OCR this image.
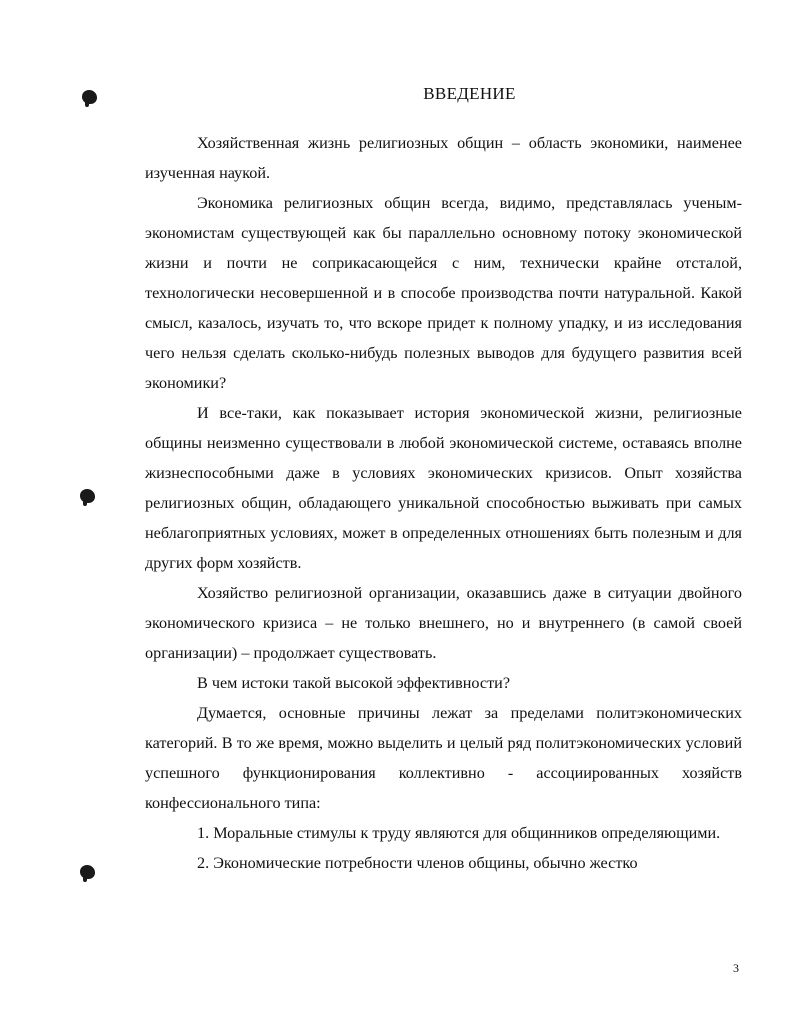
ВВЕДЕНИЕ

Хозяйственная жизнь религиозных общин – область экономики, наименее изученная наукой.

Экономика религиозных общин всегда, видимо, представлялась ученым-экономистам существующей как бы параллельно основному потоку экономической жизни и почти не соприкасающейся с ним, технически крайне отсталой, технологически несовершенной и в способе производства почти натуральной. Какой смысл, казалось, изучать то, что вскоре придет к полному упадку, и из исследования чего нельзя сделать сколько-нибудь полезных выводов для будущего развития всей экономики?

И все-таки, как показывает история экономической жизни, религиозные общины неизменно существовали в любой экономической системе, оставаясь вполне жизнеспособными даже в условиях экономических кризисов. Опыт хозяйства религиозных общин, обладающего уникальной способностью выживать при самых неблагоприятных условиях, может в определенных отношениях быть полезным и для других форм хозяйств.

Хозяйство религиозной организации, оказавшись даже в ситуации двойного экономического кризиса – не только внешнего, но и внутреннего (в самой своей организации) – продолжает существовать.

В чем истоки такой высокой эффективности?

Думается, основные причины лежат за пределами политэкономических категорий. В то же время, можно выделить и целый ряд политэкономических условий успешного функционирования коллективно - ассоциированных хозяйств конфессионального типа:

1. Моральные стимулы к труду являются для общинников определяющими.

2. Экономические потребности членов общины, обычно жестко

3
